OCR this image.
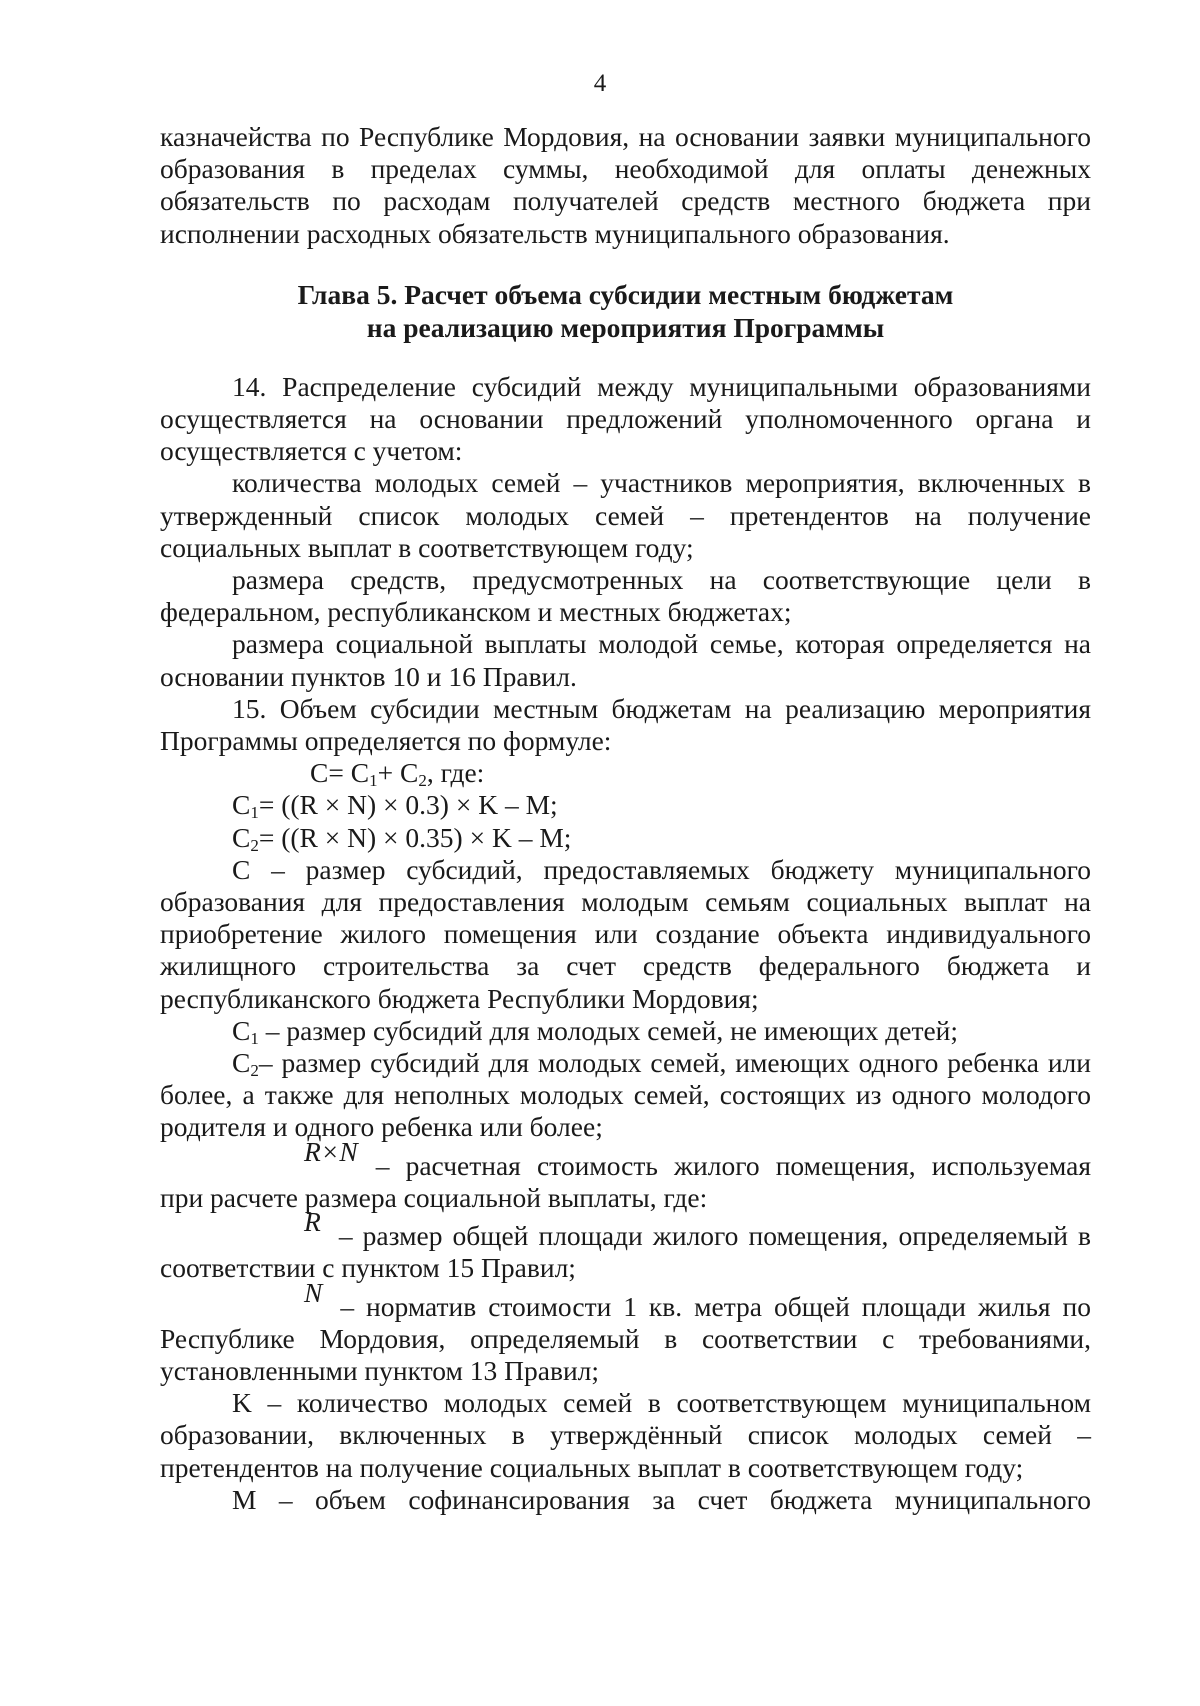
4

казначейства по Республике Мордовия, на основании заявки муниципального образования в пределах суммы, необходимой для оплаты денежных обязательств по расходам получателей средств местного бюджета при исполнении расходных обязательств муниципального образования.

Глава 5. Расчет объема субсидии местным бюджетам
на реализацию мероприятия Программы

14. Распределение субсидий между муниципальными образованиями осуществляется на основании предложений уполномоченного органа и осуществляется с учетом:

количества молодых семей – участников мероприятия, включенных в утвержденный список молодых семей – претендентов на получение социальных выплат в соответствующем году;

размера средств, предусмотренных на соответствующие цели в федеральном, республиканском и местных бюджетах;

размера социальной выплаты молодой семье, которая определяется на основании пунктов 10 и 16 Правил.

15. Объем субсидии местным бюджетам на реализацию мероприятия Программы определяется по формуле:

$C= C_1+ C_2$, где:

$C_1= ((R \times N) \times 0.3) \times K - M$;

$C_2= ((R \times N) \times 0.35) \times K - M$;

C – размер субсидий, предоставляемых бюджету муниципального образования для предоставления молодым семьям социальных выплат на приобретение жилого помещения или создание объекта индивидуального жилищного строительства за счет средств федерального бюджета и республиканского бюджета Республики Мордовия;

$C_1$ – размер субсидий для молодых семей, не имеющих детей;

$C_2-$ размер субсидий для молодых семей, имеющих одного ребенка или более, а также для неполных молодых семей, состоящих из одного молодого родителя и одного ребенка или более;

R×N – расчетная стоимость жилого помещения, используемая при расчете размера социальной выплаты, где:

R – размер общей площади жилого помещения, определяемый в соответствии с пунктом 15 Правил;

N – норматив стоимости 1 кв. метра общей площади жилья по Республике Мордовия, определяемый в соответствии с требованиями, установленными пунктом 13 Правил;

K – количество молодых семей в соответствующем муниципальном образовании, включенных в утверждённый список молодых семей – претендентов на получение социальных выплат в соответствующем году;

M – объем софинансирования за счет бюджета муниципального
